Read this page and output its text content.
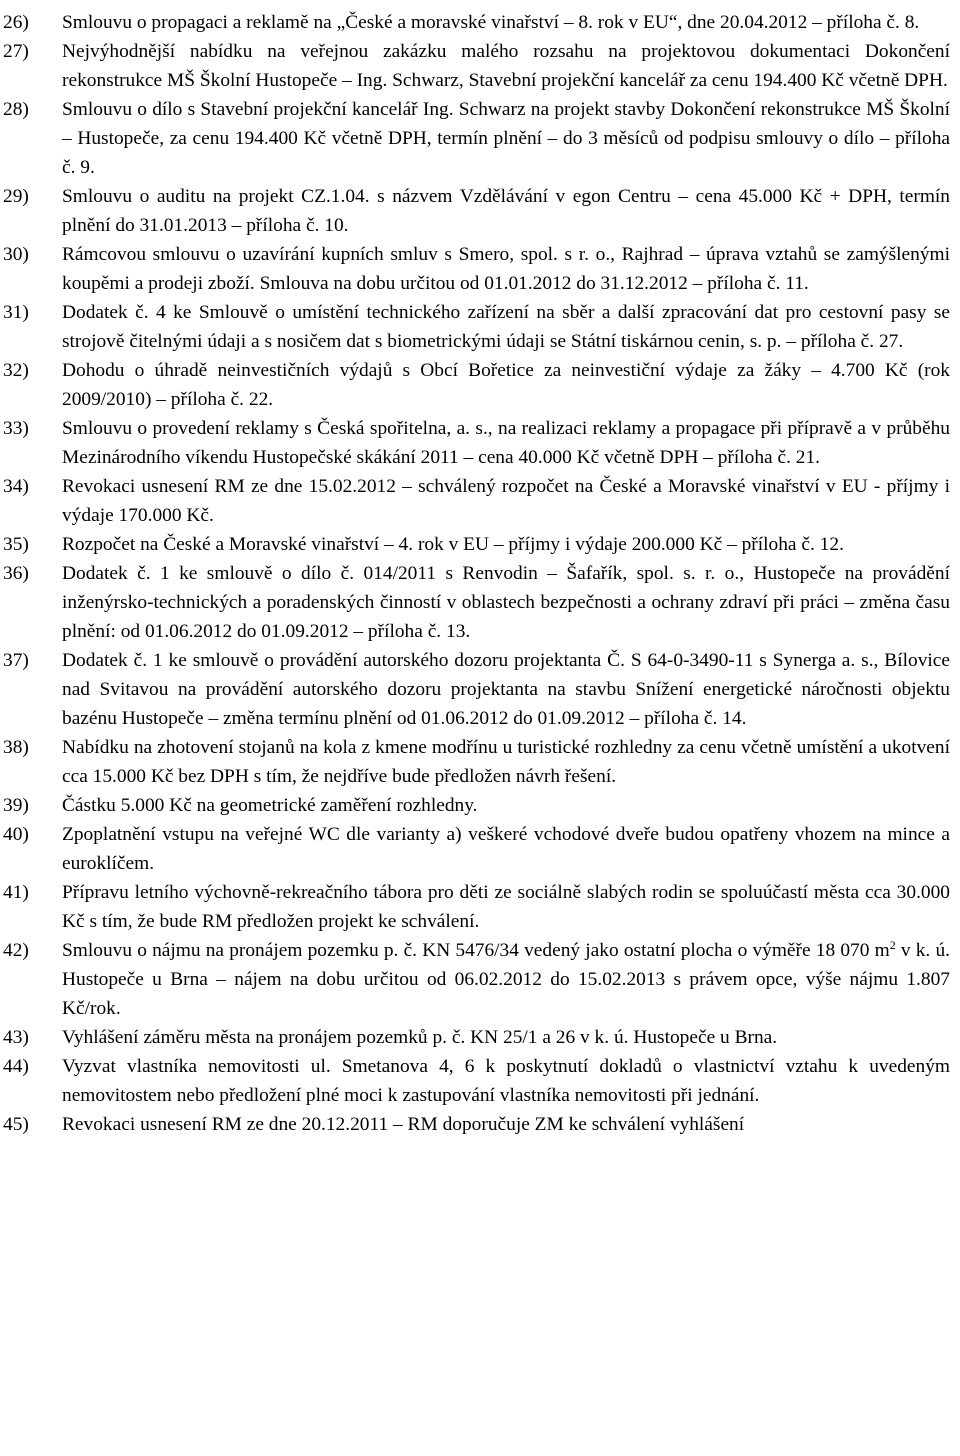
26) Smlouvu o propagaci a reklamě na „České a moravské vinařství – 8. rok v EU“, dne 20.04.2012 – příloha č. 8.
27) Nejvýhodnější nabídku na veřejnou zakázku malého rozsahu na projektovou dokumentaci Dokončení rekonstrukce MŠ Školní Hustopeče – Ing. Schwarz, Stavební projekční kancelář za cenu 194.400 Kč včetně DPH.
28) Smlouvu o dílo s Stavební projekční kancelář Ing. Schwarz na projekt stavby Dokončení rekonstrukce MŠ Školní – Hustopeče, za cenu 194.400 Kč včetně DPH, termín plnění – do 3 měsíců od podpisu smlouvy o dílo – příloha č. 9.
29) Smlouvu o auditu na projekt CZ.1.04. s názvem Vzdělávání v egon Centru – cena 45.000 Kč + DPH, termín plnění do 31.01.2013 – příloha č. 10.
30) Rámcovou smlouvu o uzavírání kupních smluv s Smero, spol. s r. o., Rajhrad – úprava vztahů se zamýšlenými koupěmi a prodeji zboží. Smlouva na dobu určitou od 01.01.2012 do 31.12.2012 – příloha č. 11.
31) Dodatek č. 4 ke Smlouvě o umístění technického zařízení na sběr a další zpracování dat pro cestovní pasy se strojově čitelnými údaji a s nosičem dat s biometrickými údaji se Státní tiskárnou cenin, s. p. – příloha č. 27.
32) Dohodu o úhradě neinvestičních výdajů s Obcí Bořetice za neinvestiční výdaje za žáky – 4.700 Kč (rok 2009/2010) – příloha č. 22.
33) Smlouvu o provedení reklamy s Česká spořitelna, a. s., na realizaci reklamy a propagace při přípravě a v průběhu Mezinárodního víkendu Hustopečské skákání 2011 – cena 40.000 Kč včetně DPH – příloha č. 21.
34) Revokaci usnesení RM ze dne 15.02.2012 – schválený rozpočet na České a Moravské vinařství v EU - příjmy i výdaje 170.000 Kč.
35) Rozpočet na České a Moravské vinařství – 4. rok v EU – příjmy i výdaje 200.000 Kč – příloha č. 12.
36) Dodatek č. 1 ke smlouvě o dílo č. 014/2011 s Renvodin – Šafařík, spol. s. r. o., Hustopeče na provádění inženýrsko-technických a poradenských činností v oblastech bezpečnosti a ochrany zdraví při práci – změna času plnění: od 01.06.2012 do 01.09.2012 – příloha č. 13.
37) Dodatek č. 1 ke smlouvě o provádění autorského dozoru projektanta Č. S 64-0-3490-11 s Synerga a. s., Bílovice nad Svitavou na provádění autorského dozoru projektanta na stavbu Snížení energetické náročnosti objektu bazénu Hustopeče – změna termínu plnění od 01.06.2012 do 01.09.2012 – příloha č. 14.
38) Nabídku na zhotovení stojanů na kola z kmene modřínu u turistické rozhledny za cenu včetně umístění a ukotvení cca 15.000 Kč bez DPH s tím, že nejdříve bude předložen návrh řešení.
39) Částku 5.000 Kč na geometrické zaměření rozhledny.
40) Zpoplatnění vstupu na veřejné WC dle varianty a) veškeré vchodové dveře budou opatřeny vhozem na mince a euroklíčem.
41) Přípravu letního výchovně-rekreačního tábora pro děti ze sociálně slabých rodin se spoluúčastí města cca 30.000 Kč s tím, že bude RM předložen projekt ke schválení.
42) Smlouvu o nájmu na pronájem pozemku p. č. KN 5476/34 vedený jako ostatní plocha o výměře 18 070 $m^2$ v k. ú. Hustopeče u Brna – nájem na dobu určitou od 06.02.2012 do 15.02.2013 s právem opce, výše nájmu 1.807 Kč/rok.
43) Vyhlášení záměru města na pronájem pozemků p. č. KN 25/1 a 26 v k. ú. Hustopeče u Brna.
44) Vyzvat vlastníka nemovitosti ul. Smetanova 4, 6 k poskytnutí dokladů o vlastnictví vztahu k uvedeným nemovitostem nebo předložení plné moci k zastupování vlastníka nemovitosti při jednání.
45) Revokaci usnesení RM ze dne 20.12.2011 – RM doporučuje ZM ke schválení vyhlášení
